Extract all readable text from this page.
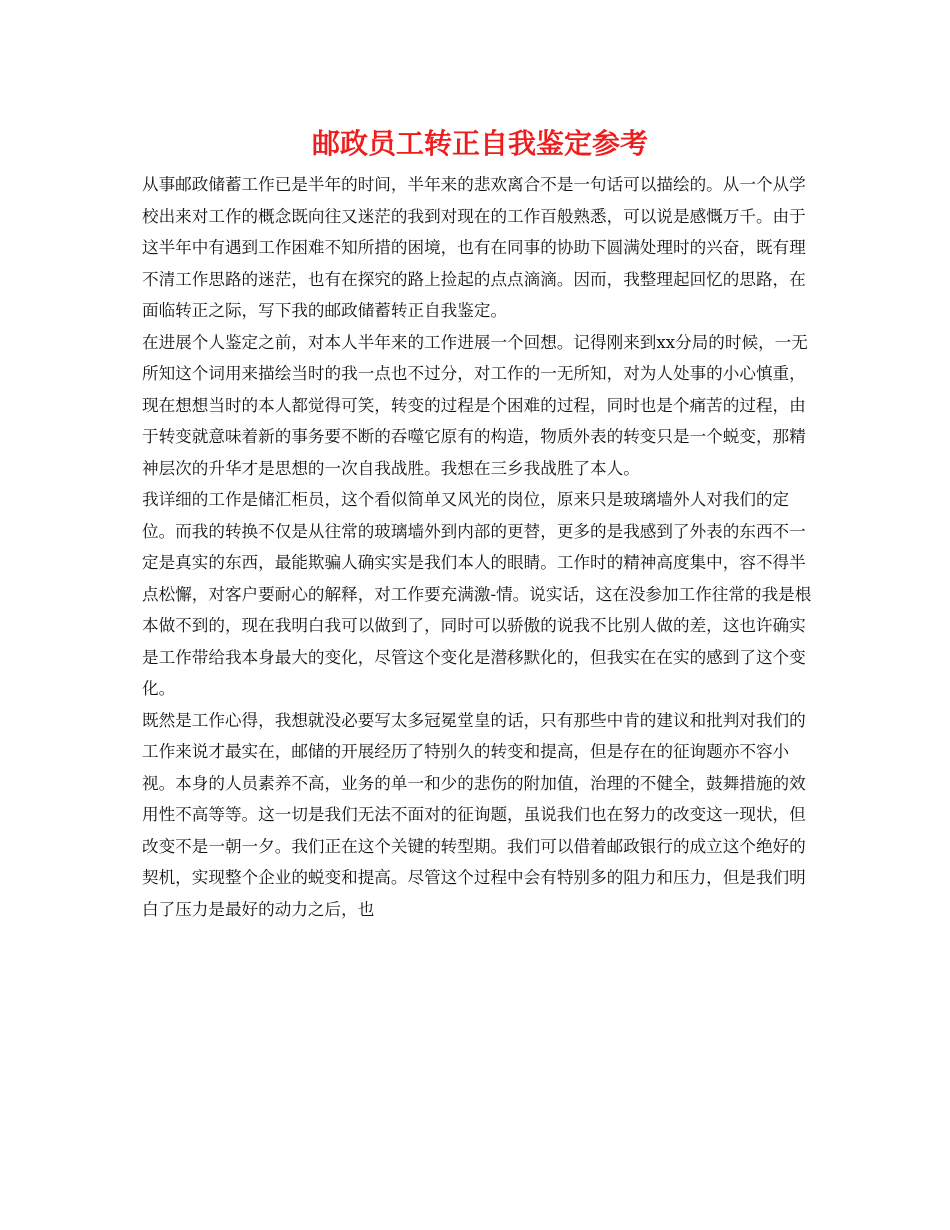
邮政员工转正自我鉴定参考

从事邮政储蓄工作已是半年的时间，半年来的悲欢离合不是一句话可以描绘的。从一个从学校出来对工作的概念既向往又迷茫的我到对现在的工作百般熟悉，可以说是感慨万千。由于这半年中有遇到工作困难不知所措的困境，也有在同事的协助下圆满处理时的兴奋，既有理不清工作思路的迷茫，也有在探究的路上捡起的点点滴滴。因而，我整理起回忆的思路，在面临转正之际，写下我的邮政储蓄转正自我鉴定。

在进展个人鉴定之前，对本人半年来的工作进展一个回想。记得刚来到xx分局的时候，一无所知这个词用来描绘当时的我一点也不过分，对工作的一无所知，对为人处事的小心慎重，现在想想当时的本人都觉得可笑，转变的过程是个困难的过程，同时也是个痛苦的过程，由于转变就意味着新的事务要不断的吞噬它原有的构造，物质外表的转变只是一个蜕变，那精神层次的升华才是思想的一次自我战胜。我想在三乡我战胜了本人。

我详细的工作是储汇柜员，这个看似简单又风光的岗位，原来只是玻璃墙外人对我们的定位。而我的转换不仅是从往常的玻璃墙外到内部的更替，更多的是我感到了外表的东西不一定是真实的东西，最能欺骗人确实实是我们本人的眼睛。工作时的精神高度集中，容不得半点松懈，对客户要耐心的解释，对工作要充满激-情。说实话，这在没参加工作往常的我是根本做不到的，现在我明白我可以做到了，同时可以骄傲的说我不比别人做的差，这也许确实是工作带给我本身最大的变化，尽管这个变化是潜移默化的，但我实在在实的感到了这个变化。

既然是工作心得，我想就没必要写太多冠冕堂皇的话，只有那些中肯的建议和批判对我们的工作来说才最实在，邮储的开展经历了特别久的转变和提高，但是存在的征询题亦不容小视。本身的人员素养不高，业务的单一和少的悲伤的附加值，治理的不健全，鼓舞措施的效用性不高等等。这一切是我们无法不面对的征询题，虽说我们也在努力的改变这一现状，但改变不是一朝一夕。我们正在这个关键的转型期。我们可以借着邮政银行的成立这个绝好的契机，实现整个企业的蜕变和提高。尽管这个过程中会有特别多的阻力和压力，但是我们明白了压力是最好的动力之后，也
